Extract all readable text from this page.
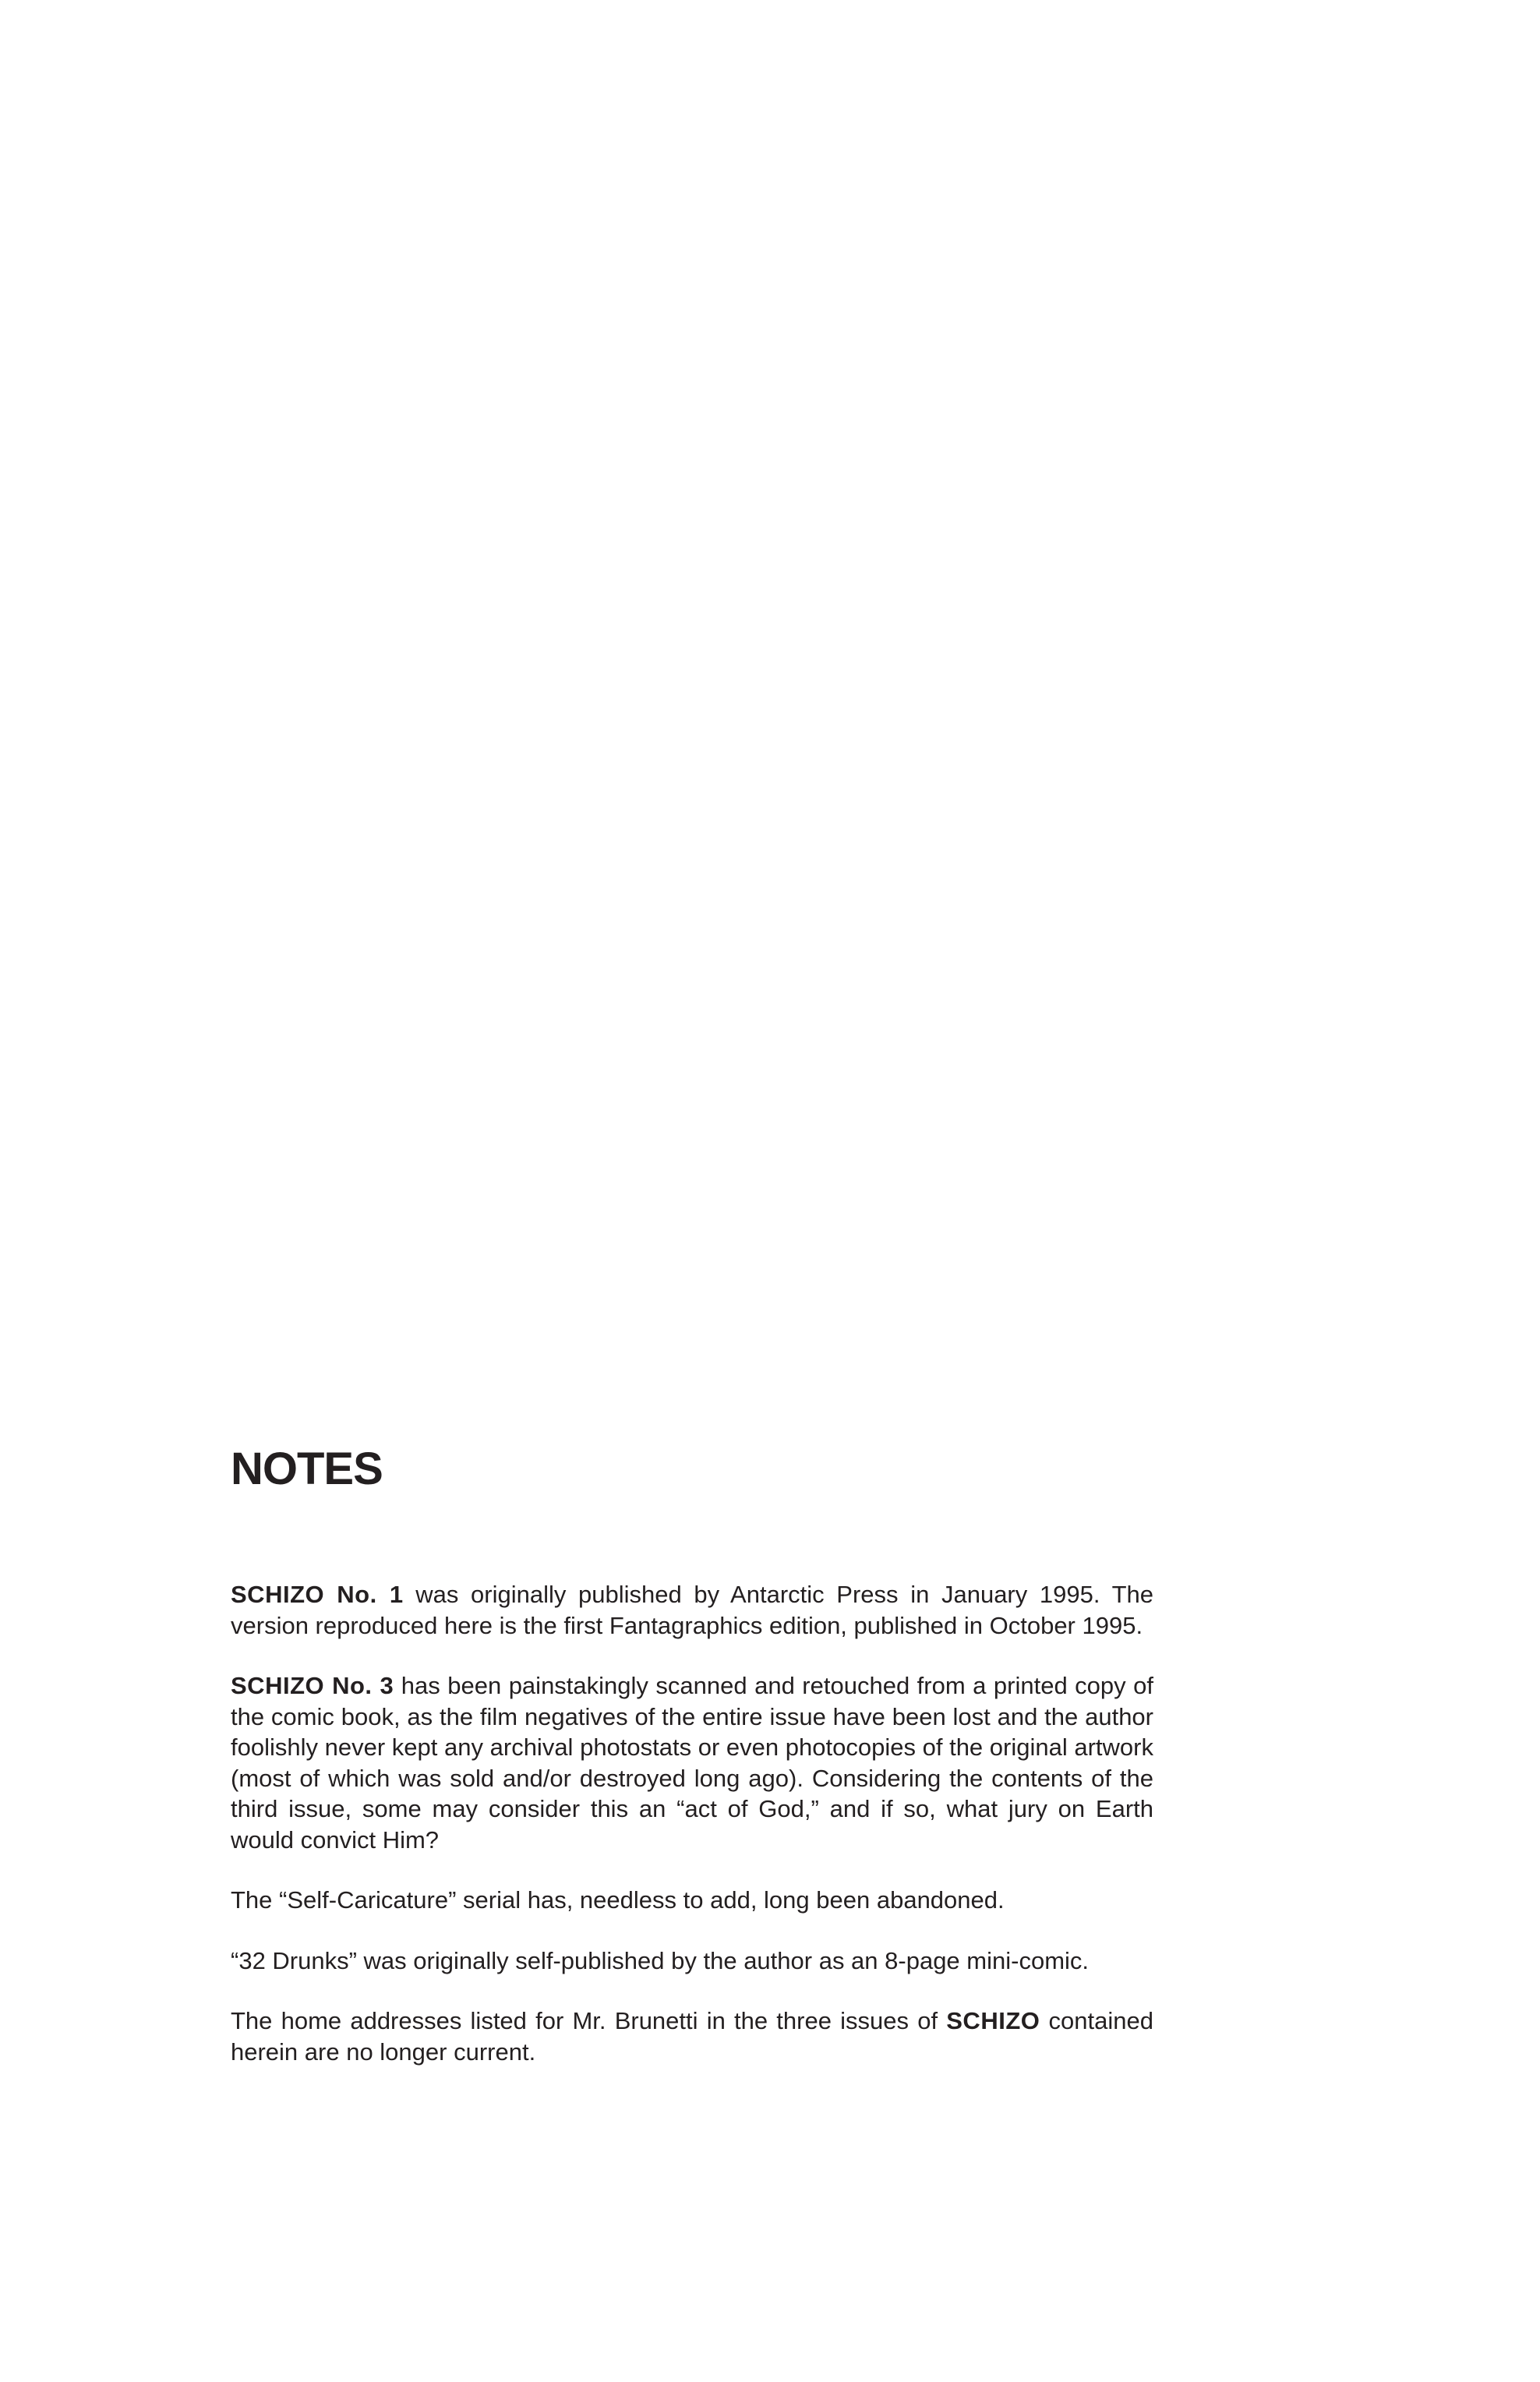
NOTES

SCHIZO No. 1 was originally published by Antarctic Press in January 1995. The version reproduced here is the first Fantagraphics edition, published in October 1995.

SCHIZO No. 3 has been painstakingly scanned and retouched from a printed copy of the comic book, as the film negatives of the entire issue have been lost and the author foolishly never kept any archival photostats or even photocopies of the original artwork (most of which was sold and/or destroyed long ago). Considering the contents of the third issue, some may consider this an “act of God,” and if so, what jury on Earth would convict Him?

The “Self-Caricature” serial has, needless to add, long been abandoned.

“32 Drunks” was originally self-published by the author as an 8-page mini-comic.

The home addresses listed for Mr. Brunetti in the three issues of SCHIZO contained herein are no longer current.
